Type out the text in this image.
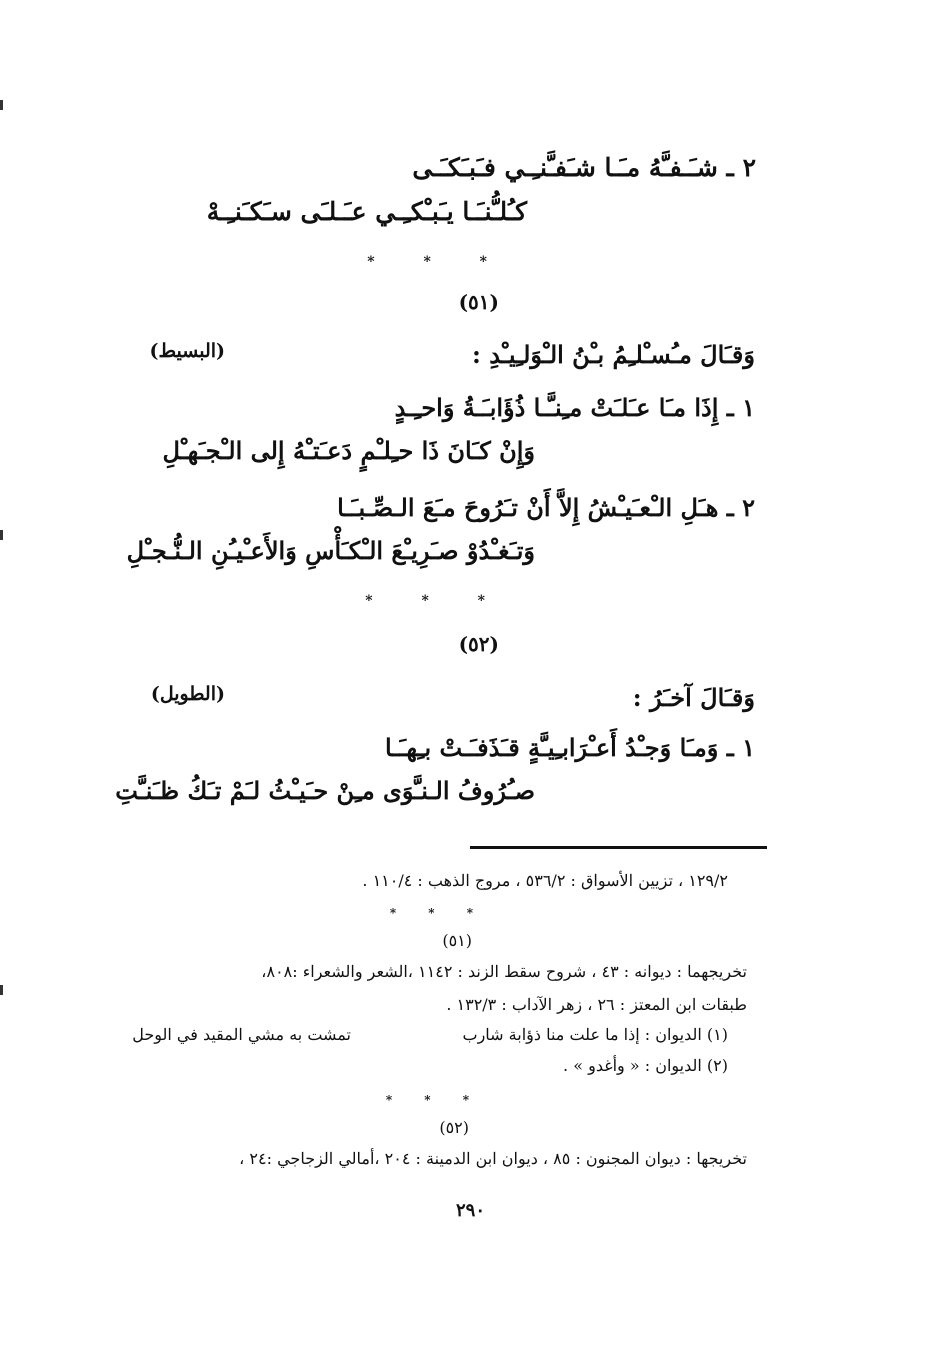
٢ ـ شـَـفـَّهُ مـَـا شـَفـَّنـِـي فـَبـَكـَـى
كـُلـُّنـَـا يـَبـْكـِـي عـَـلـَى سـَكـَنـِـهْ
* * *
(٥١)
وَقـَالَ مـُسـْلـِمُ بـْنُ الـْوَلـِيـْدِ :
(البسيط)
١ ـ إِذَا مـَا عـَلـَتْ مـِنـَّـا ذُؤَابـَـةُ وَاحـِـدٍ
وَإِنْ كـَانَ ذَا حـِلـْمٍ دَعـَتـْهُ إِلى الـْجـَهـْلِ
٢ ـ هـَلِ الـْعـَيـْشُ إِلاَّ أَنْ تـَرُوحَ مـَعَ الـصِّـبـَـا
وَتـَغـْدُوْ صـَرِيـْعَ الـْكـَأْسِ وَالأَعـْيـُنِ الـنُّـجـْلِ
* * *
(٥٢)
وَقـَالَ آخـَرُ :
(الطويل)
١ ـ وَمـَا وَجـْدُ أَعـْرَابـِيـَّةٍ قـَذَفـَـتْ بـِهـَـا
صـُرُوفُ الـنـَّوَى مـِنْ حـَيـْثُ لـَمْ تـَكُ ظـَنـَّتِ
١٢٩/٢ ، تزيين الأسواق : ٥٣٦/٢ ، مروج الذهب : ١١٠/٤ .
* * *
(٥١)
تخريجهما : ديوانه : ٤٣ ، شروح سقط الزند : ١١٤٢ ،الشعر والشعراء :٨٠٨،
طبقات ابن المعتز : ٢٦ ، زهر الآداب : ١٣٢/٣ .
(١) الديوان : إذا ما علت منا ذؤابة شارب
تمشت به مشي المقيد في الوحل
(٢) الديوان : « وأغدو » .
* * *
(٥٢)
تخريجها : ديوان المجنون : ٨٥ ، ديوان ابن الدمينة : ٢٠٤ ،أمالي الزجاجي :٢٤ ،
٢٩٠
